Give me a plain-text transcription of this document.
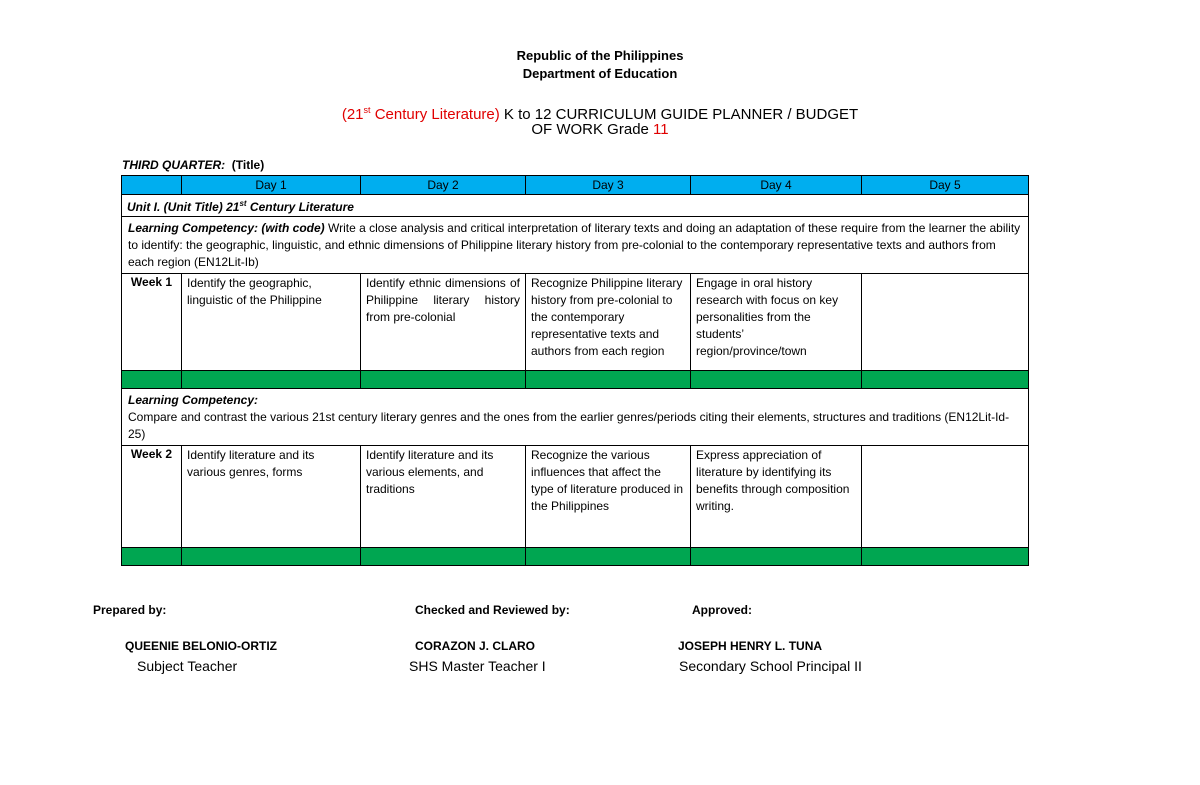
Republic of the Philippines
Department of Education
(21st Century Literature) K to 12 CURRICULUM GUIDE PLANNER / BUDGET
OF WORK Grade 11
THIRD QUARTER: (Title)
	Day 1	Day 2	Day 3	Day 4	Day 5
Unit I. (Unit Title) 21st Century Literature					
Learning Competency: (with code) Write a close analysis and critical interpretation of literary texts and doing an adaptation of these require from the learner the ability to identify: the geographic, linguistic, and ethnic dimensions of Philippine literary history from pre-colonial to the contemporary representative texts and authors from each region (EN12Lit-Ib)					
Week 1	Identify the geographic, linguistic of the Philippine	Identify ethnic dimensions of Philippine literary history from pre-colonial	Recognize Philippine literary history from pre-colonial to the contemporary representative texts and authors from each region	Engage in oral history research with focus on key personalities from the students’ region/province/town	

Learning Competency:
Compare and contrast the various 21st century literary genres and the ones from the earlier genres/periods citing their elements, structures and traditions (EN12Lit-Id-25)					
Week 2	Identify literature and its various genres, forms	Identify literature and its various elements, and traditions	Recognize the various influences that affect the type of literature produced in the Philippines	Express appreciation of literature by identifying its benefits through composition writing.	

Prepared by:	Checked and Reviewed by:	Approved:
QUEENIE BELONIO-ORTIZ	CORAZON J. CLARO	JOSEPH HENRY L. TUNA
Subject Teacher	SHS Master Teacher I	Secondary School Principal II
